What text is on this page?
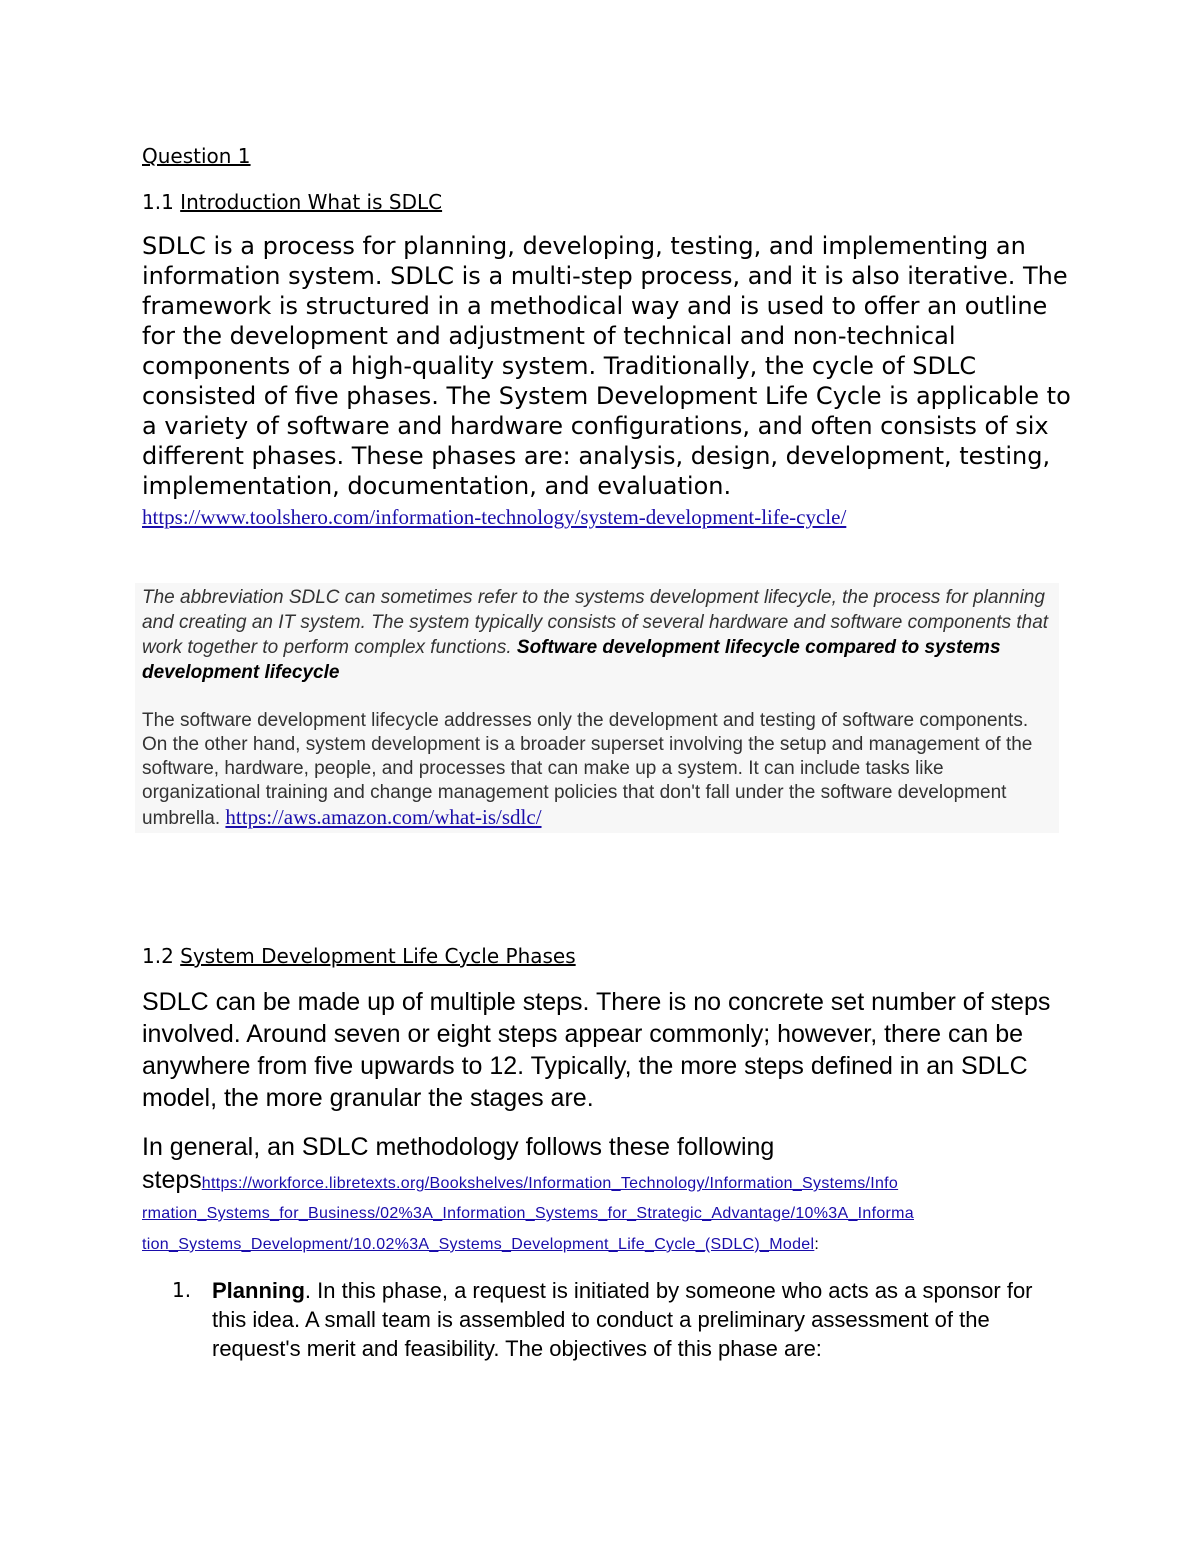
Question 1
1.1 Introduction What is SDLC
SDLC is a process for planning, developing, testing, and implementing an information system. SDLC is a multi-step process, and it is also iterative. The framework is structured in a methodical way and is used to offer an outline for the development and adjustment of technical and non-technical components of a high-quality system. Traditionally, the cycle of SDLC consisted of five phases. The System Development Life Cycle is applicable to a variety of software and hardware configurations, and often consists of six different phases. These phases are: analysis, design, development, testing, implementation, documentation, and evaluation. https://www.toolshero.com/information-technology/system-development-life-cycle/

The abbreviation SDLC can sometimes refer to the systems development lifecycle, the process for planning and creating an IT system. The system typically consists of several hardware and software components that work together to perform complex functions. Software development lifecycle compared to systems development lifecycle

The software development lifecycle addresses only the development and testing of software components. On the other hand, system development is a broader superset involving the setup and management of the software, hardware, people, and processes that can make up a system. It can include tasks like organizational training and change management policies that don't fall under the software development umbrella. https://aws.amazon.com/what-is/sdlc/

1.2 System Development Life Cycle Phases
SDLC can be made up of multiple steps. There is no concrete set number of steps involved. Around seven or eight steps appear commonly; however, there can be anywhere from five upwards to 12. Typically, the more steps defined in an SDLC model, the more granular the stages are.
In general, an SDLC methodology follows these following
stepshttps://workforce.libretexts.org/Bookshelves/Information_Technology/Information_Systems/Info
rmation_Systems_for_Business/02%3A_Information_Systems_for_Strategic_Advantage/10%3A_Informa
tion_Systems_Development/10.02%3A_Systems_Development_Life_Cycle_(SDLC)_Model:
1. Planning. In this phase, a request is initiated by someone who acts as a sponsor for this idea. A small team is assembled to conduct a preliminary assessment of the request's merit and feasibility. The objectives of this phase are:
